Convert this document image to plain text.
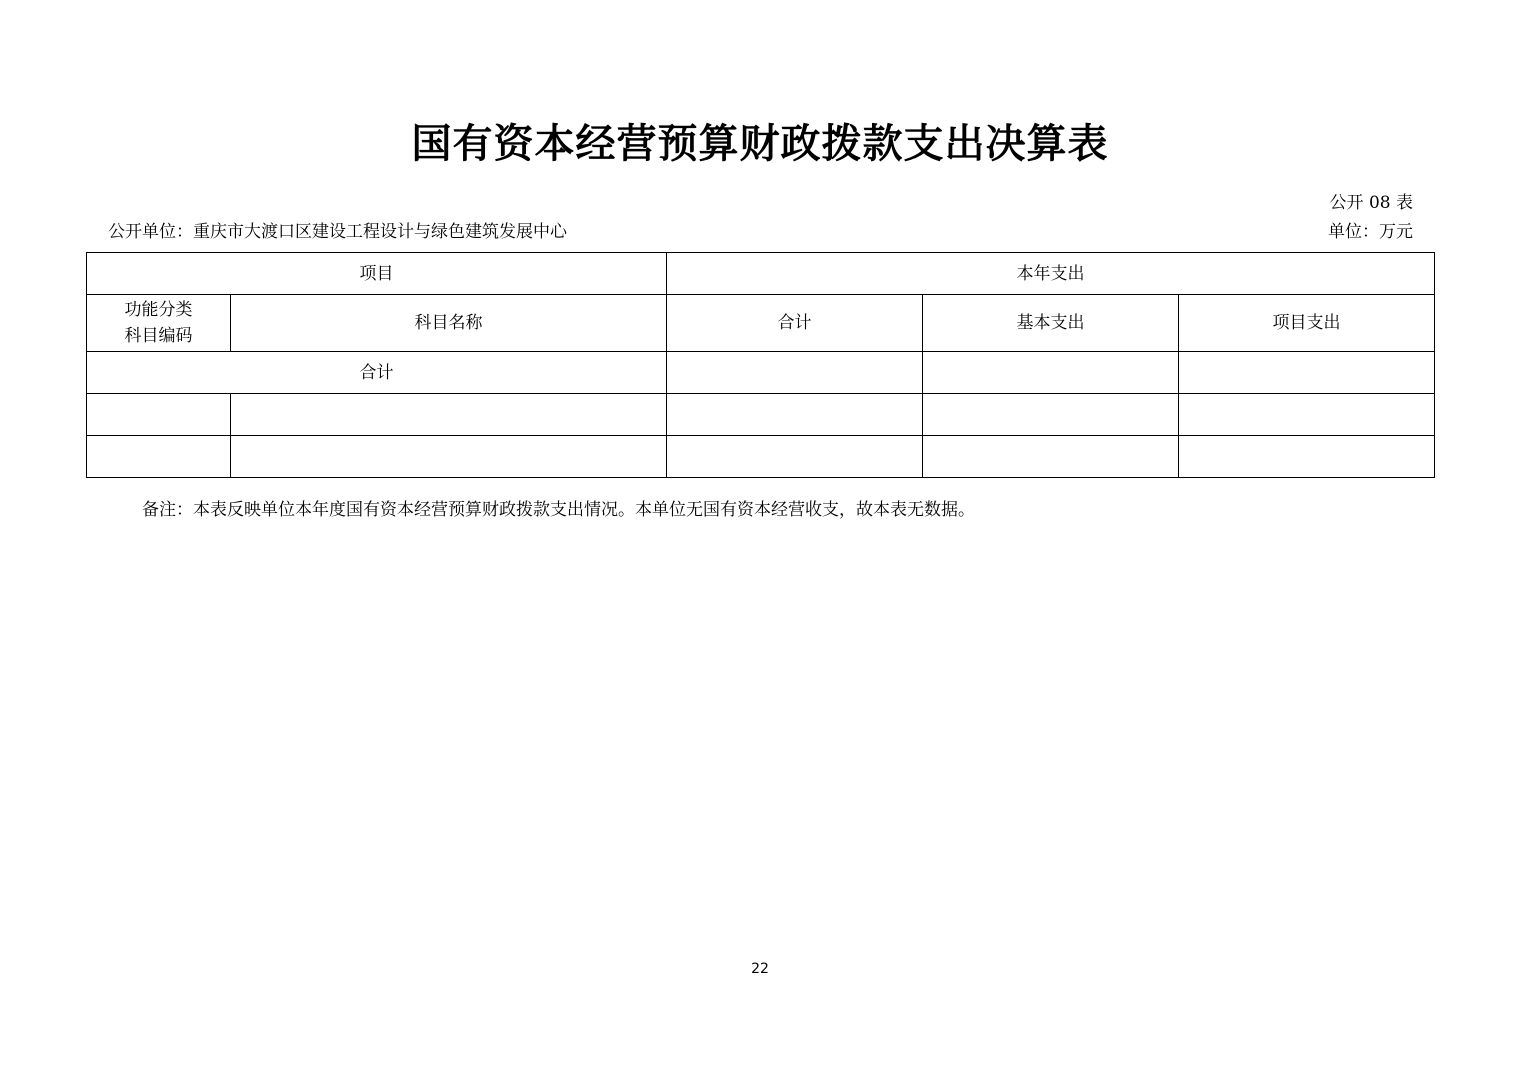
国有资本经营预算财政拨款支出决算表
公开 08 表
公开单位：重庆市大渡口区建设工程设计与绿色建筑发展中心	单位：万元
项目		本年支出		
功能分类
科目编码	科目名称	合计	基本支出	项目支出
合计				

备注：本表反映单位本年度国有资本经营预算财政拨款支出情况。本单位无国有资本经营收支，故本表无数据。
22
